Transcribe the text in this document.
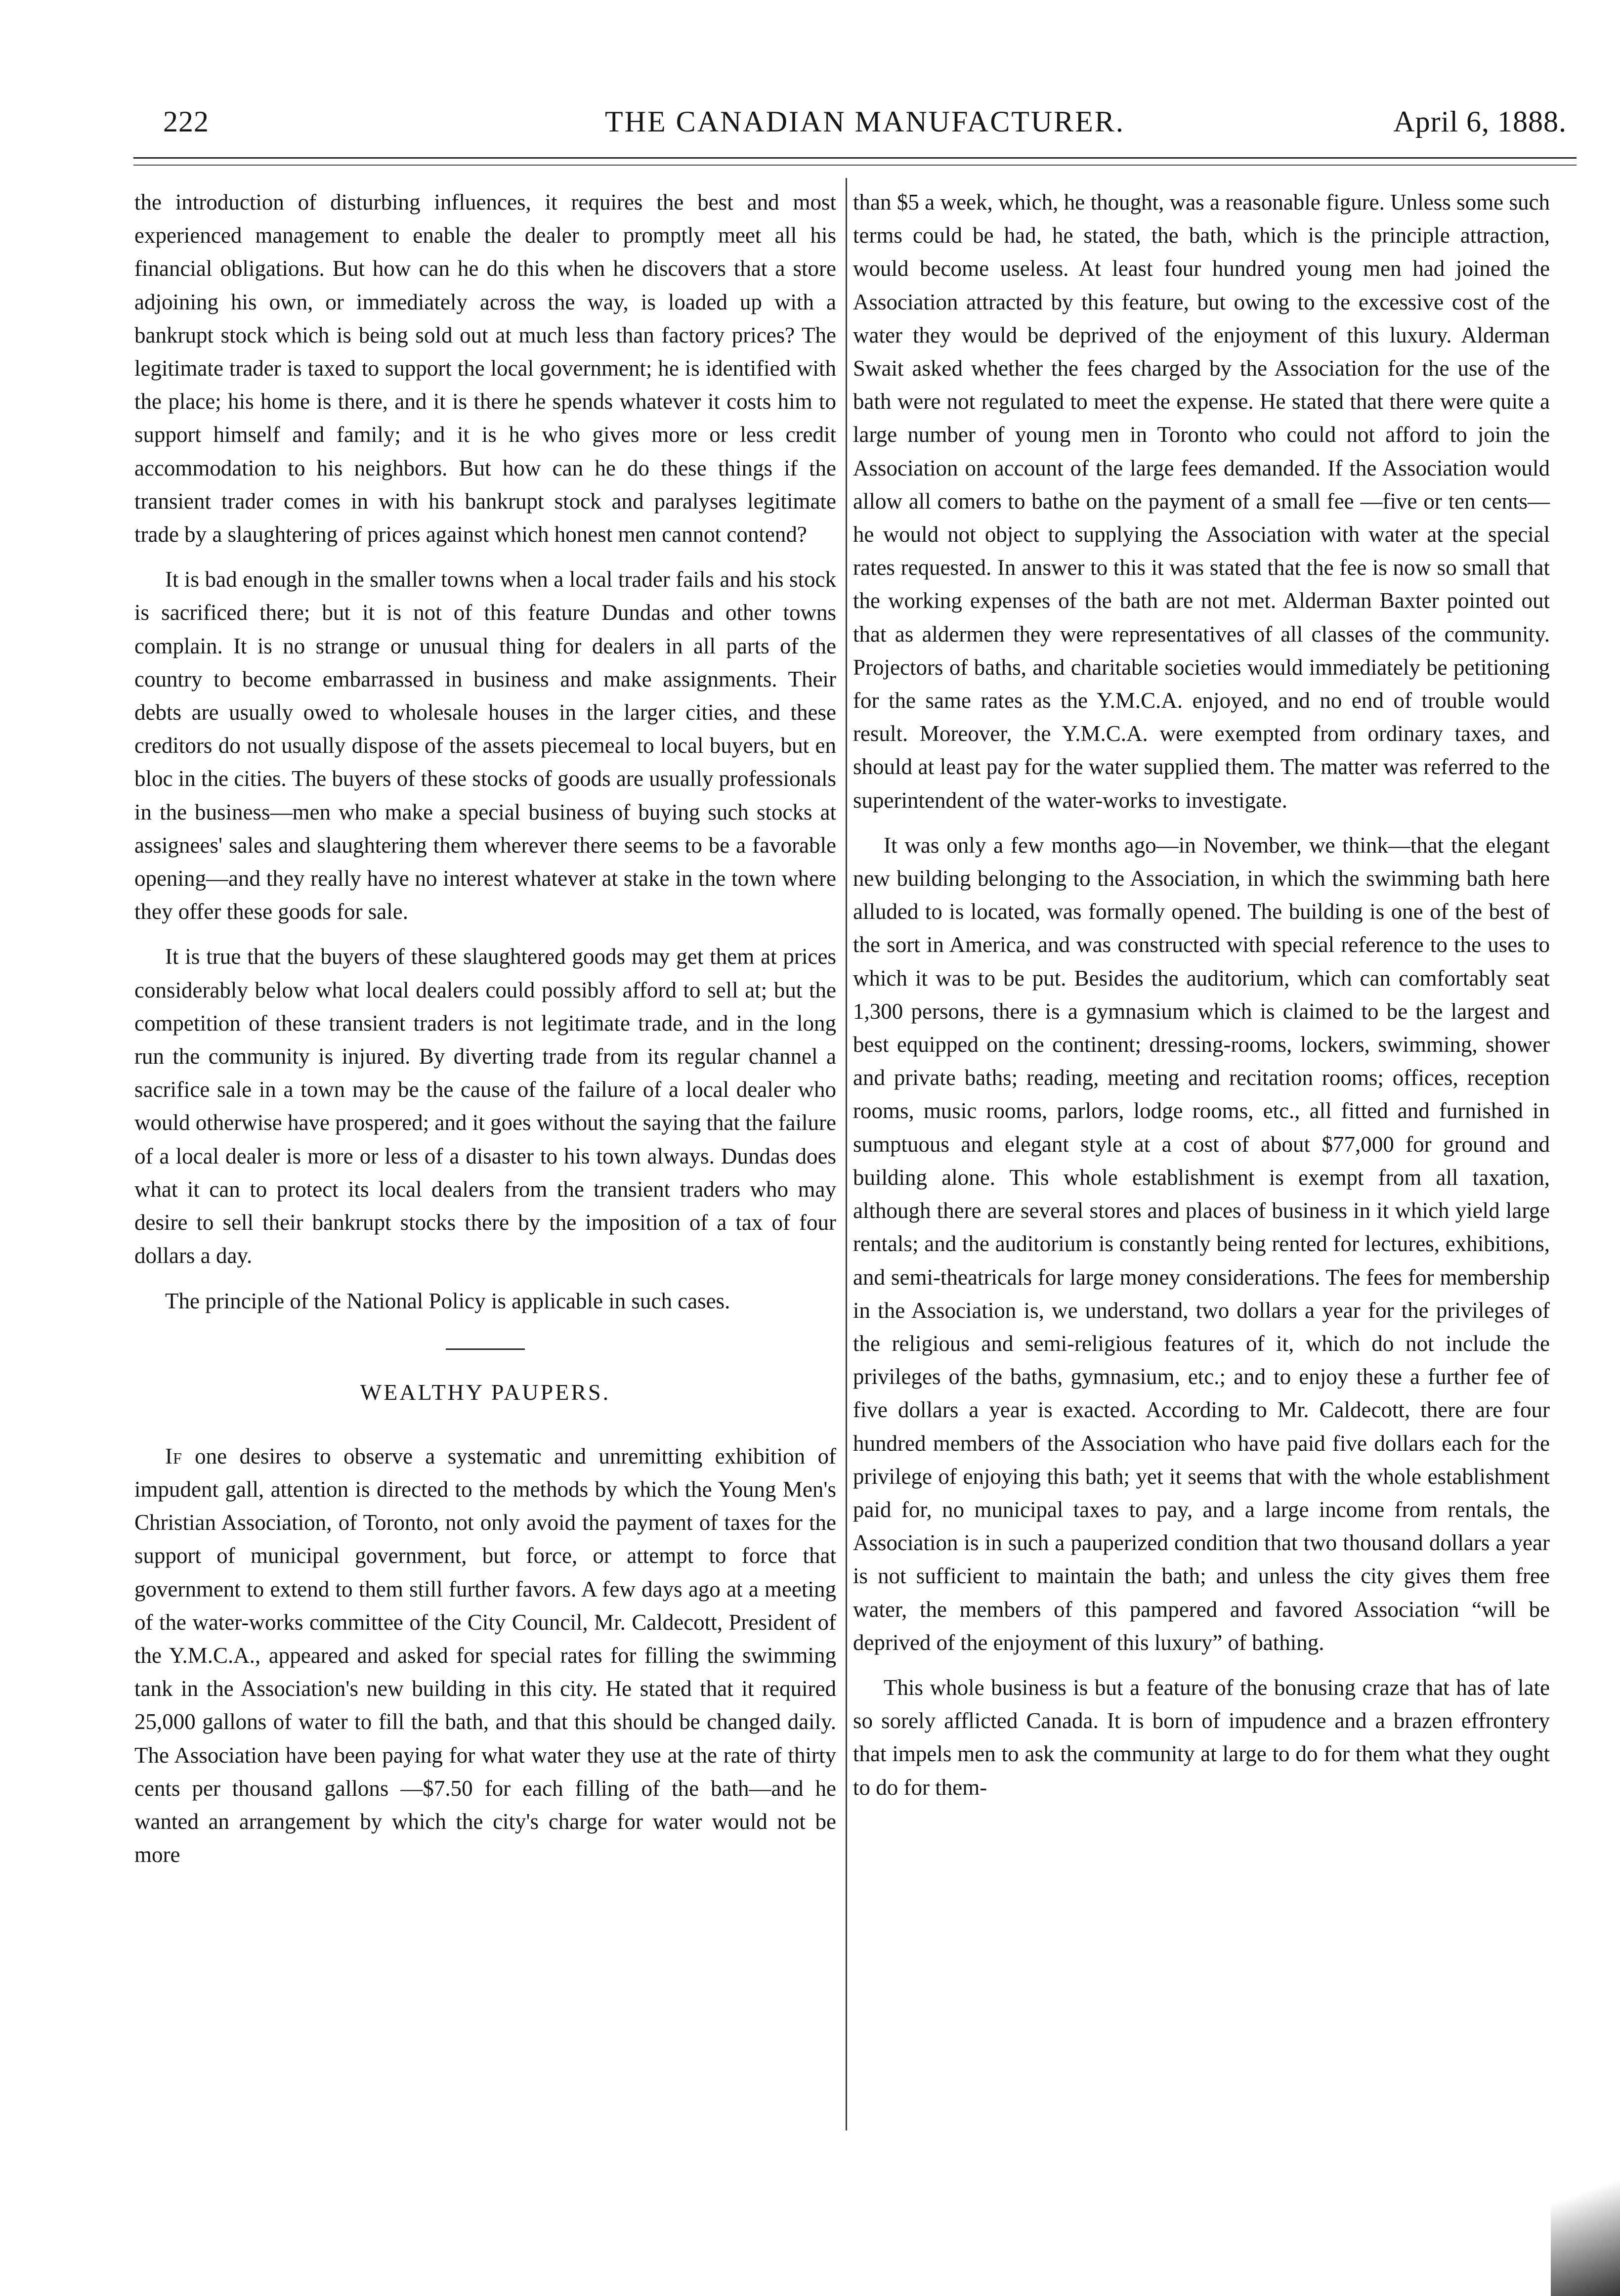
222	THE CANADIAN MANUFACTURER.	April 6, 1888.

the introduction of disturbing influences, it requires the best and most experienced management to enable the dealer to promptly meet all his financial obligations. But how can he do this when he discovers that a store adjoining his own, or immediately across the way, is loaded up with a bankrupt stock which is being sold out at much less than factory prices? The legitimate trader is taxed to support the local government; he is identified with the place; his home is there, and it is there he spends whatever it costs him to support himself and family; and it is he who gives more or less credit accommodation to his neighbors. But how can he do these things if the transient trader comes in with his bankrupt stock and paralyses legitimate trade by a slaughtering of prices against which honest men cannot contend?

It is bad enough in the smaller towns when a local trader fails and his stock is sacrificed there; but it is not of this feature Dundas and other towns complain. It is no strange or unusual thing for dealers in all parts of the country to become embarrassed in business and make assignments. Their debts are usually owed to wholesale houses in the larger cities, and these creditors do not usually dispose of the assets piecemeal to local buyers, but en bloc in the cities. The buyers of these stocks of goods are usually professionals in the business—men who make a special business of buying such stocks at assignees' sales and slaughtering them wherever there seems to be a favorable opening—and they really have no interest whatever at stake in the town where they offer these goods for sale.

It is true that the buyers of these slaughtered goods may get them at prices considerably below what local dealers could possibly afford to sell at; but the competition of these transient traders is not legitimate trade, and in the long run the community is injured. By diverting trade from its regular channel a sacrifice sale in a town may be the cause of the failure of a local dealer who would otherwise have prospered; and it goes without the saying that the failure of a local dealer is more or less of a disaster to his town always. Dundas does what it can to protect its local dealers from the transient traders who may desire to sell their bankrupt stocks there by the imposition of a tax of four dollars a day.

The principle of the National Policy is applicable in such cases.

WEALTHY PAUPERS.

If one desires to observe a systematic and unremitting exhibition of impudent gall, attention is directed to the methods by which the Young Men's Christian Association, of Toronto, not only avoid the payment of taxes for the support of municipal government, but force, or attempt to force that government to extend to them still further favors. A few days ago at a meeting of the water-works committee of the City Council, Mr. Caldecott, President of the Y.M.C.A., appeared and asked for special rates for filling the swimming tank in the Association's new building in this city. He stated that it required 25,000 gallons of water to fill the bath, and that this should be changed daily. The Association have been paying for what water they use at the rate of thirty cents per thousand gallons —$7.50 for each filling of the bath—and he wanted an arrangement by which the city's charge for water would not be more

than $5 a week, which, he thought, was a reasonable figure. Unless some such terms could be had, he stated, the bath, which is the principle attraction, would become useless. At least four hundred young men had joined the Association attracted by this feature, but owing to the excessive cost of the water they would be deprived of the enjoyment of this luxury. Alderman Swait asked whether the fees charged by the Association for the use of the bath were not regulated to meet the expense. He stated that there were quite a large number of young men in Toronto who could not afford to join the Association on account of the large fees demanded. If the Association would allow all comers to bathe on the payment of a small fee —five or ten cents—he would not object to supplying the Association with water at the special rates requested. In answer to this it was stated that the fee is now so small that the working expenses of the bath are not met. Alderman Baxter pointed out that as aldermen they were representatives of all classes of the community. Projectors of baths, and charitable societies would immediately be petitioning for the same rates as the Y.M.C.A. enjoyed, and no end of trouble would result. Moreover, the Y.M.C.A. were exempted from ordinary taxes, and should at least pay for the water supplied them. The matter was referred to the superintendent of the water-works to investigate.

It was only a few months ago—in November, we think—that the elegant new building belonging to the Association, in which the swimming bath here alluded to is located, was formally opened. The building is one of the best of the sort in America, and was constructed with special reference to the uses to which it was to be put. Besides the auditorium, which can comfortably seat 1,300 persons, there is a gymnasium which is claimed to be the largest and best equipped on the continent; dressing-rooms, lockers, swimming, shower and private baths; reading, meeting and recitation rooms; offices, reception rooms, music rooms, parlors, lodge rooms, etc., all fitted and furnished in sumptuous and elegant style at a cost of about $77,000 for ground and building alone. This whole establishment is exempt from all taxation, although there are several stores and places of business in it which yield large rentals; and the auditorium is constantly being rented for lectures, exhibitions, and semi-theatricals for large money considerations. The fees for membership in the Association is, we understand, two dollars a year for the privileges of the religious and semi-religious features of it, which do not include the privileges of the baths, gymnasium, etc.; and to enjoy these a further fee of five dollars a year is exacted. According to Mr. Caldecott, there are four hundred members of the Association who have paid five dollars each for the privilege of enjoying this bath; yet it seems that with the whole establishment paid for, no municipal taxes to pay, and a large income from rentals, the Association is in such a pauperized condition that two thousand dollars a year is not sufficient to maintain the bath; and unless the city gives them free water, the members of this pampered and favored Association “will be deprived of the enjoyment of this luxury” of bathing.

This whole business is but a feature of the bonusing craze that has of late so sorely afflicted Canada. It is born of impudence and a brazen effrontery that impels men to ask the community at large to do for them what they ought to do for them-
